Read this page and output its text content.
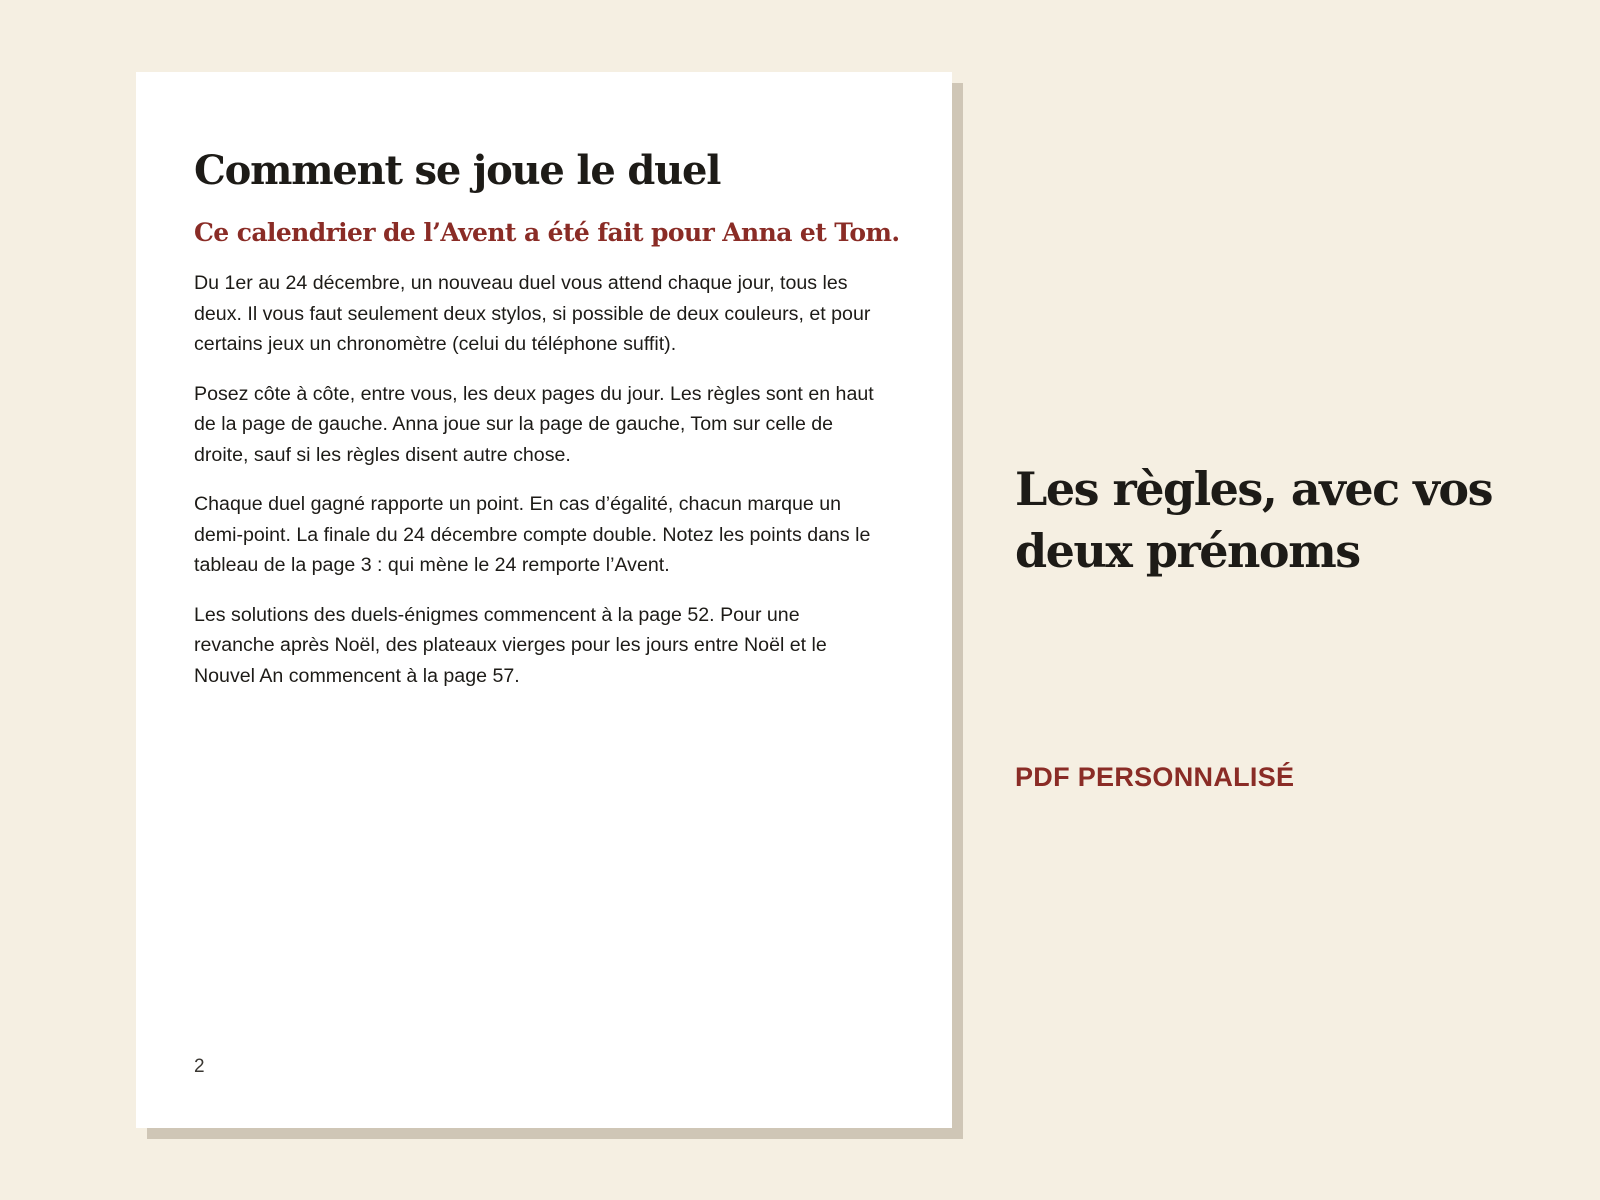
Comment se joue le duel
Ce calendrier de l’Avent a été fait pour Anna et Tom.

Du 1er au 24 décembre, un nouveau duel vous attend chaque jour, tous les deux. Il vous faut seulement deux stylos, si possible de deux couleurs, et pour certains jeux un chronomètre (celui du téléphone suffit).

Posez côte à côte, entre vous, les deux pages du jour. Les règles sont en haut de la page de gauche. Anna joue sur la page de gauche, Tom sur celle de droite, sauf si les règles disent autre chose.

Chaque duel gagné rapporte un point. En cas d’égalité, chacun marque un demi-point. La finale du 24 décembre compte double. Notez les points dans le tableau de la page 3 : qui mène le 24 remporte l’Avent.

Les solutions des duels-énigmes commencent à la page 52. Pour une revanche après Noël, des plateaux vierges pour les jours entre Noël et le Nouvel An commencent à la page 57.

2
Les règles, avec vos deux prénoms
PDF PERSONNALISÉ
